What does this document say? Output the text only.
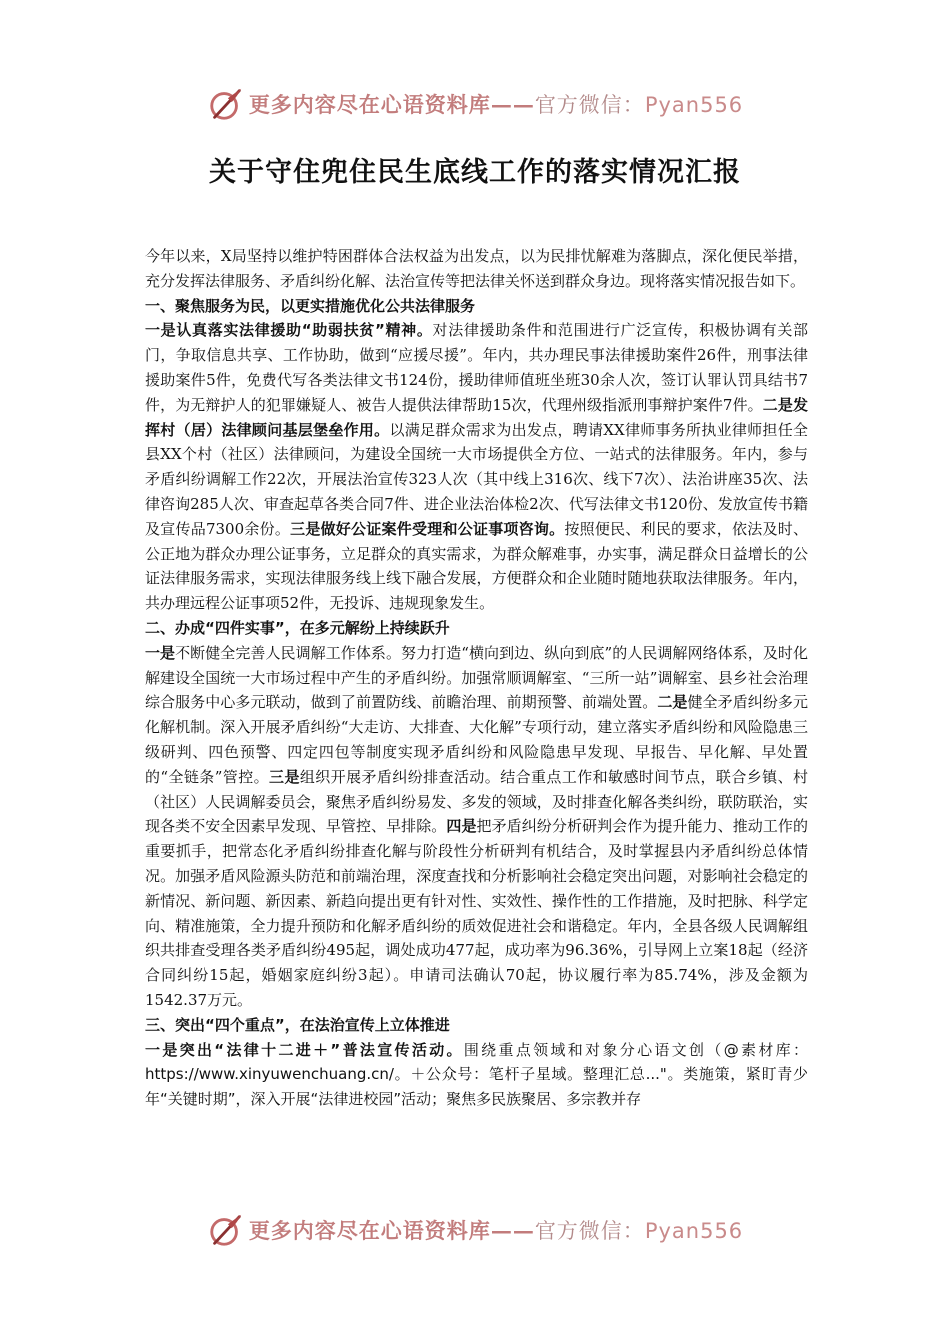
更多内容尽在心语资料库——官方微信：Pyan556
关于守住兜住民生底线工作的落实情况汇报

今年以来，X局坚持以维护特困群体合法权益为出发点，以为民排忧解难为落脚点，深化便民举措，充分发挥法律服务、矛盾纠纷化解、法治宣传等把法律关怀送到群众身边。现将落实情况报告如下。

一、聚焦服务为民，以更实措施优化公共法律服务

一是认真落实法律援助“助弱扶贫”精神。对法律援助条件和范围进行广泛宣传，积极协调有关部门，争取信息共享、工作协助，做到“应援尽援”。年内，共办理民事法律援助案件26件，刑事法律援助案件5件，免费代写各类法律文书124份，援助律师值班坐班30余人次，签订认罪认罚具结书7件，为无辩护人的犯罪嫌疑人、被告人提供法律帮助15次，代理州级指派刑事辩护案件7件。二是发挥村（居）法律顾问基层堡垒作用。以满足群众需求为出发点，聘请XX律师事务所执业律师担任全县XX个村（社区）法律顾问，为建设全国统一大市场提供全方位、一站式的法律服务。年内，参与矛盾纠纷调解工作22次，开展法治宣传323人次（其中线上316次、线下7次）、法治讲座35次、法律咨询285人次、审查起草各类合同7件、进企业法治体检2次、代写法律文书120份、发放宣传书籍及宣传品7300余份。三是做好公证案件受理和公证事项咨询。按照便民、利民的要求，依法及时、公正地为群众办理公证事务，立足群众的真实需求，为群众解难事，办实事，满足群众日益增长的公证法律服务需求，实现法律服务线上线下融合发展，方便群众和企业随时随地获取法律服务。年内，共办理远程公证事项52件，无投诉、违规现象发生。

二、办成“四件实事”，在多元解纷上持续跃升

一是不断健全完善人民调解工作体系。努力打造“横向到边、纵向到底”的人民调解网络体系，及时化解建设全国统一大市场过程中产生的矛盾纠纷。加强常顺调解室、“三所一站”调解室、县乡社会治理综合服务中心多元联动，做到了前置防线、前瞻治理、前期预警、前端处置。二是健全矛盾纠纷多元化解机制。深入开展矛盾纠纷“大走访、大排查、大化解”专项行动，建立落实矛盾纠纷和风险隐患三级研判、四色预警、四定四包等制度实现矛盾纠纷和风险隐患早发现、早报告、早化解、早处置的“全链条”管控。三是组织开展矛盾纠纷排查活动。结合重点工作和敏感时间节点，联合乡镇、村（社区）人民调解委员会，聚焦矛盾纠纷易发、多发的领域，及时排查化解各类纠纷，联防联治，实现各类不安全因素早发现、早管控、早排除。四是把矛盾纠纷分析研判会作为提升能力、推动工作的重要抓手，把常态化矛盾纠纷排查化解与阶段性分析研判有机结合，及时掌握县内矛盾纠纷总体情况。加强矛盾风险源头防范和前端治理，深度查找和分析影响社会稳定突出问题，对影响社会稳定的新情况、新问题、新因素、新趋向提出更有针对性、实效性、操作性的工作措施，及时把脉、科学定向、精准施策，全力提升预防和化解矛盾纠纷的质效促进社会和谐稳定。年内，全县各级人民调解组织共排查受理各类矛盾纠纷495起，调处成功477起，成功率为96.36%，引导网上立案18起（经济合同纠纷15起，婚姻家庭纠纷3起）。申请司法确认70起，协议履行率为85.74%，涉及金额为1542.37万元。

三、突出“四个重点”，在法治宣传上立体推进

一是突出“法律十二进＋”普法宣传活动。围绕重点领域和对象分心语文创（@素材库：https://www.xinyuwenchuang.cn/。＋公众号：笔杆子星域。整理汇总..."。类施策，紧盯青少年“关键时期”，深入开展“法律进校园”活动；聚焦多民族聚居、多宗教并存

更多内容尽在心语资料库——官方微信：Pyan556
